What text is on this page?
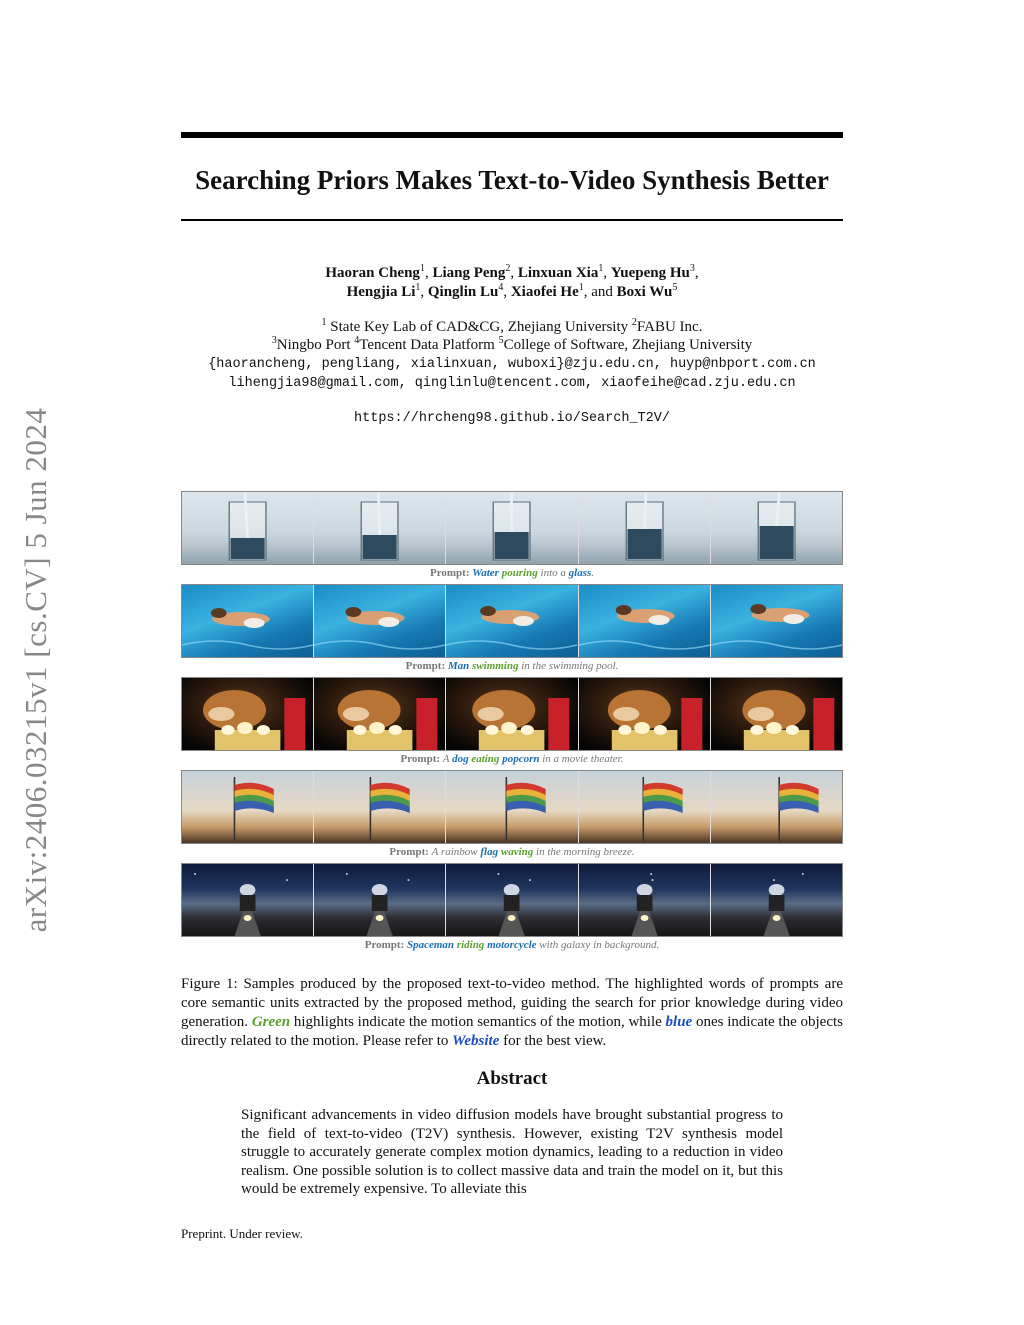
arXiv:2406.03215v1 [cs.CV] 5 Jun 2024
Searching Priors Makes Text-to-Video Synthesis Better
Haoran Cheng$^1$, Liang Peng$^2$, Linxuan Xia$^1$, Yuepeng Hu$^3$,
Hengjia Li$^1$, Qinglin Lu$^4$, Xiaofei He$^1$, and Boxi Wu$^5$
$^1$ State Key Lab of CAD&CG, Zhejiang University $^2$FABU Inc.
$^3$Ningbo Port $^4$Tencent Data Platform $^5$College of Software, Zhejiang University
{haorancheng, pengliang, xialinxuan, wuboxi}@zju.edu.cn, huyp@nbport.com.cn
lihengjia98@gmail.com, qinglinlu@tencent.com, xiaofeihe@cad.zju.edu.cn
https://hrcheng98.github.io/Search_T2V/
Prompt: Water pouring into a glass.
Prompt: Man swimming in the swimming pool.
Prompt: A dog eating popcorn in a movie theater.
Prompt: A rainbow flag waving in the morning breeze.
Prompt: Spaceman riding motorcycle with galaxy in background.
Figure 1: Samples produced by the proposed text-to-video method. The highlighted words of prompts are core semantic units extracted by the proposed method, guiding the search for prior knowledge during video generation. Green highlights indicate the motion semantics of the motion, while blue ones indicate the objects directly related to the motion. Please refer to Website for the best view.
Abstract
Significant advancements in video diffusion models have brought substantial progress to the field of text-to-video (T2V) synthesis. However, existing T2V synthesis model struggle to accurately generate complex motion dynamics, leading to a reduction in video realism. One possible solution is to collect massive data and train the model on it, but this would be extremely expensive. To alleviate this
Preprint. Under review.
